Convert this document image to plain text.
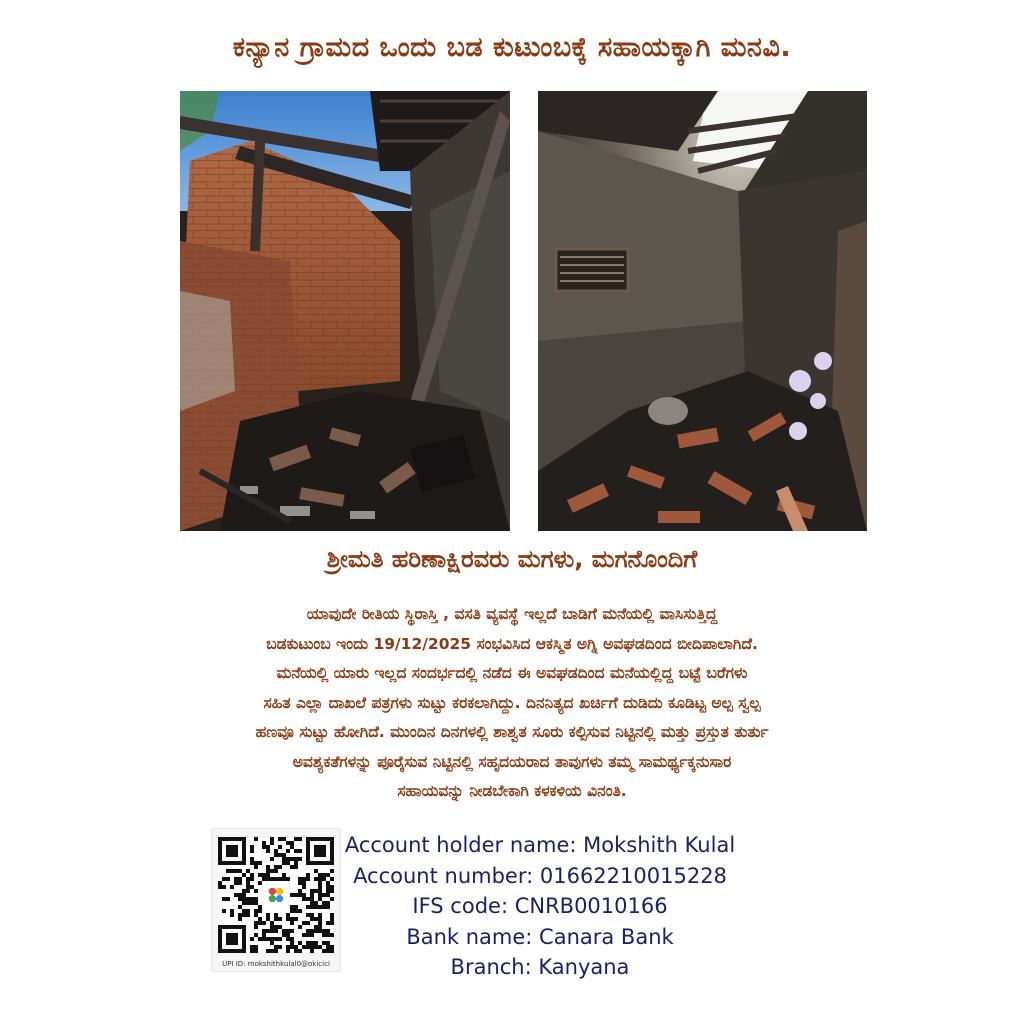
ಕನ್ಯಾನ ಗ್ರಾಮದ ಒಂದು ಬಡ ಕುಟುಂಬಕ್ಕೆ ಸಹಾಯಕ್ಕಾಗಿ ಮನವಿ.
ಶ್ರೀಮತಿ ಹರಿಣಾಕ್ಷಿರವರು ಮಗಳು, ಮಗನೊಂದಿಗೆ
ಯಾವುದೇ ರೀತಿಯ ಸ್ಥಿರಾಸ್ತಿ , ವಸತಿ ವ್ಯವಸ್ಥೆ ಇಲ್ಲದೆ ಬಾಡಿಗೆ ಮನೆಯಲ್ಲಿ ವಾಸಿಸುತ್ತಿದ್ದ
ಬಡಕುಟುಂಬ ಇಂದು 19/12/2025 ಸಂಭವಿಸಿದ ಆಕಸ್ಮಿತ ಅಗ್ನಿ ಅವಘಡದಿಂದ ಬೀದಿಪಾಲಾಗಿದೆ.
ಮನೆಯಲ್ಲಿ ಯಾರು ಇಲ್ಲದ ಸಂದರ್ಭದಲ್ಲಿ ನಡೆದ ಈ ಅವಘಡದಿಂದ ಮನೆಯಲ್ಲಿದ್ದ ಬಟ್ಟೆ ಬರೆಗಳು
ಸಹಿತ ಎಲ್ಲಾ ದಾಖಲೆ ಪತ್ರಗಳು ಸುಟ್ಟು ಕರಕಲಾಗಿದ್ದು. ದಿನನಿತ್ಯದ ಖರ್ಚಿಗೆ ದುಡಿದು ಕೂಡಿಟ್ಟ ಅಲ್ಪ ಸ್ವಲ್ಪ
ಹಣವೂ ಸುಟ್ಟು ಹೋಗಿದೆ. ಮುಂದಿನ ದಿನಗಳಲ್ಲಿ ಶಾಶ್ವತ ಸೂರು ಕಲ್ಪಿಸುವ ನಿಟ್ಟಿನಲ್ಲಿ ಮತ್ತು ಪ್ರಸ್ತುತ ತುರ್ತು
ಅವಶ್ಯಕತೆಗಳನ್ನು ಪೂರೈಸುವ ನಿಟ್ಟಿನಲ್ಲಿ ಸಹೃದಯರಾದ ತಾವುಗಳು ತಮ್ಮ ಸಾಮರ್ಥ್ಯಕ್ಕನುಸಾರ
ಸಹಾಯವನ್ನು ನೀಡಬೇಕಾಗಿ ಕಳಕಳಿಯ ವಿನಂತಿ.
UPI ID: mokshithkulal0@okicici
Account holder name: Mokshith Kulal
Account number: 01662210015228
IFS code: CNRB0010166
Bank name: Canara Bank
Branch: Kanyana
